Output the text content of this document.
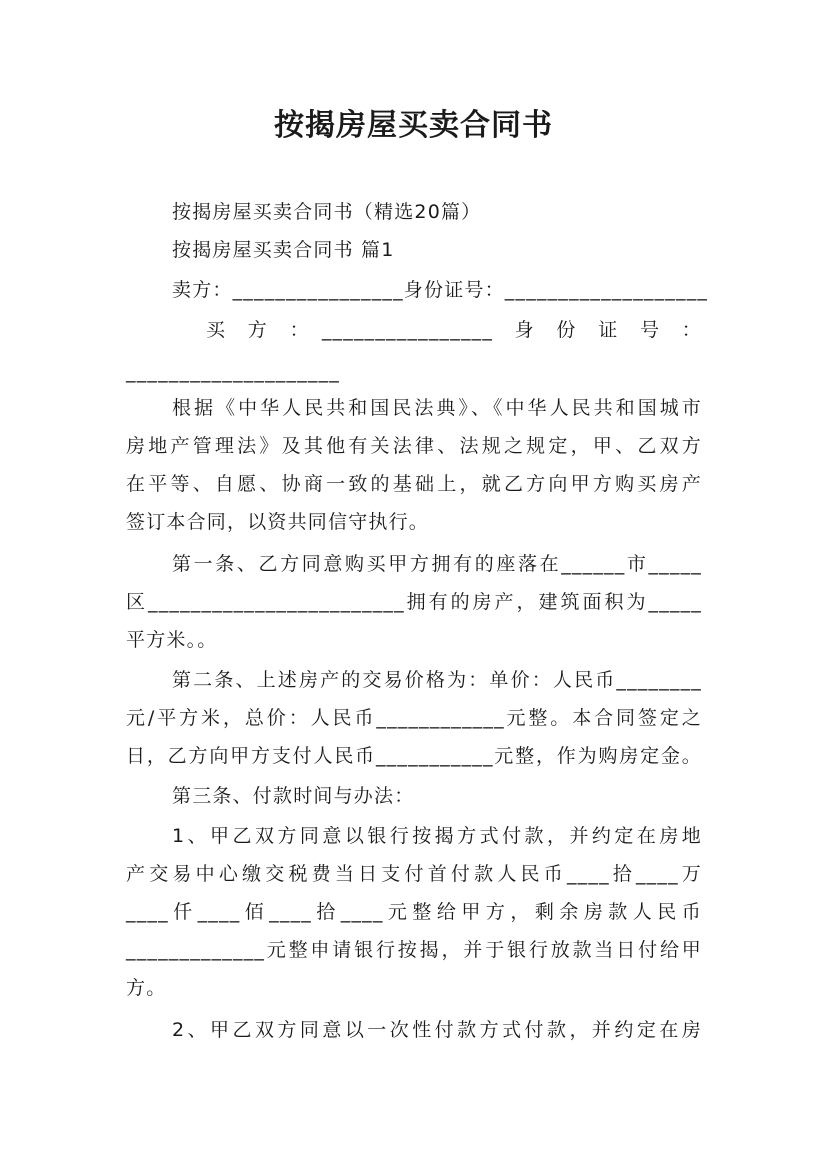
按揭房屋买卖合同书
按揭房屋买卖合同书（精选20篇）
按揭房屋买卖合同书 篇1
卖方：________________身份证号：___________________
买　方　：　________________　身　份　证　号　：
____________________
根据《中华人民共和国民法典》、《中华人民共和国城市
房地产管理法》及其他有关法律、法规之规定，甲、乙双方
在平等、自愿、协商一致的基础上，就乙方向甲方购买房产
签订本合同，以资共同信守执行。
第一条、乙方同意购买甲方拥有的座落在______市_____
区________________________拥有的房产，建筑面积为_____
平方米。。
第二条、上述房产的交易价格为：单价：人民币________
元/平方米，总价：人民币____________元整。本合同签定之
日，乙方向甲方支付人民币___________元整，作为购房定金。
第三条、付款时间与办法：
1、甲乙双方同意以银行按揭方式付款，并约定在房地
产交易中心缴交税费当日支付首付款人民币____拾____万
____仟____佰____拾____元整给甲方，剩余房款人民币
_____________元整申请银行按揭，并于银行放款当日付给甲
方。
2、甲乙双方同意以一次性付款方式付款，并约定在房
